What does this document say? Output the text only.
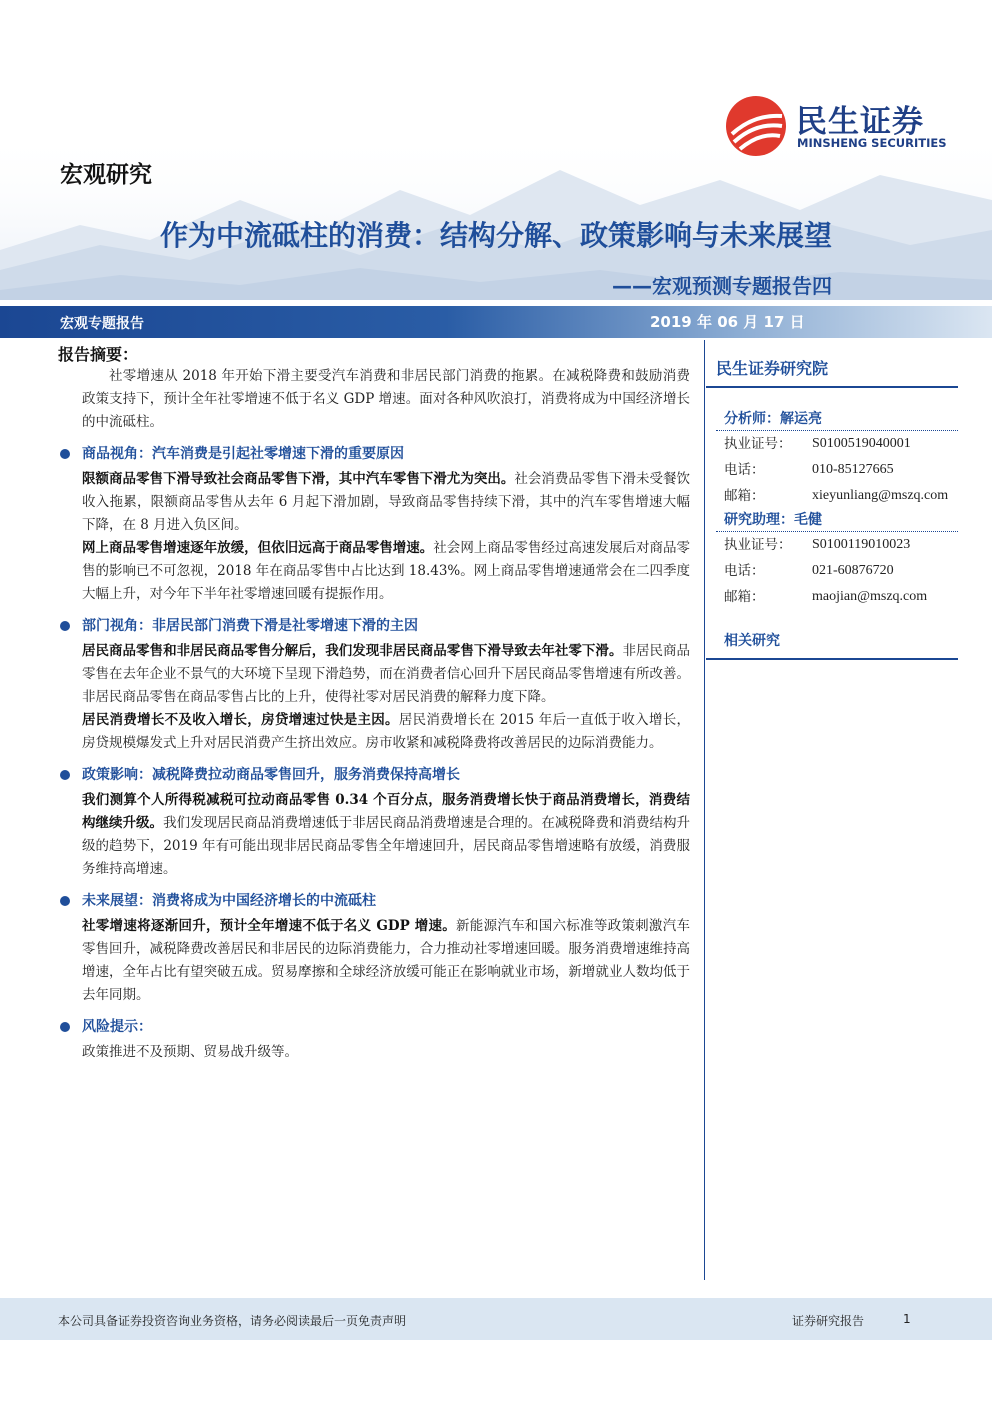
民生证券
MINSHENG SECURITIES
宏观研究
作为中流砥柱的消费：结构分解、政策影响与未来展望
——宏观预测专题报告四
宏观专题报告	2019 年 06 月 17 日
报告摘要：

社零增速从 2018 年开始下滑主要受汽车消费和非居民部门消费的拖累。在减税降费和鼓励消费政策支持下，预计全年社零增速不低于名义 GDP 增速。面对各种风吹浪打，消费将成为中国经济增长的中流砥柱。

商品视角：汽车消费是引起社零增速下滑的重要原因

限额商品零售下滑导致社会商品零售下滑，其中汽车零售下滑尤为突出。社会消费品零售下滑未受餐饮收入拖累，限额商品零售从去年 6 月起下滑加剧，导致商品零售持续下滑，其中的汽车零售增速大幅下降，在 8 月进入负区间。

网上商品零售增速逐年放缓，但依旧远高于商品零售增速。社会网上商品零售经过高速发展后对商品零售的影响已不可忽视，2018 年在商品零售中占比达到 18.43%。网上商品零售增速通常会在二四季度大幅上升，对今年下半年社零增速回暖有提振作用。

部门视角：非居民部门消费下滑是社零增速下滑的主因

居民商品零售和非居民商品零售分解后，我们发现非居民商品零售下滑导致去年社零下滑。非居民商品零售在去年企业不景气的大环境下呈现下滑趋势，而在消费者信心回升下居民商品零售增速有所改善。非居民商品零售在商品零售占比的上升，使得社零对居民消费的解释力度下降。

居民消费增长不及收入增长，房贷增速过快是主因。居民消费增长在 2015 年后一直低于收入增长，房贷规模爆发式上升对居民消费产生挤出效应。房市收紧和减税降费将改善居民的边际消费能力。

政策影响：减税降费拉动商品零售回升，服务消费保持高增长

我们测算个人所得税减税可拉动商品零售 0.34 个百分点，服务消费增长快于商品消费增长，消费结构继续升级。我们发现居民商品消费增速低于非居民商品消费增速是合理的。在减税降费和消费结构升级的趋势下，2019 年有可能出现非居民商品零售全年增速回升，居民商品零售增速略有放缓，消费服务维持高增速。

未来展望：消费将成为中国经济增长的中流砥柱

社零增速将逐渐回升，预计全年增速不低于名义 GDP 增速。新能源汽车和国六标准等政策刺激汽车零售回升，减税降费改善居民和非居民的边际消费能力，合力推动社零增速回暖。服务消费增速维持高增速，全年占比有望突破五成。贸易摩擦和全球经济放缓可能正在影响就业市场，新增就业人数均低于去年同期。

风险提示：

政策推进不及预期、贸易战升级等。

民生证券研究院
分析师：解运亮
执业证号：	S0100519040001
电话：	010-85127665
邮箱：	xieyunliang@mszq.com
研究助理：毛健
执业证号：	S0100119010023
电话：	021-60876720
邮箱：	maojian@mszq.com
相关研究
本公司具备证券投资咨询业务资格，请务必阅读最后一页免责声明	证券研究报告	1
